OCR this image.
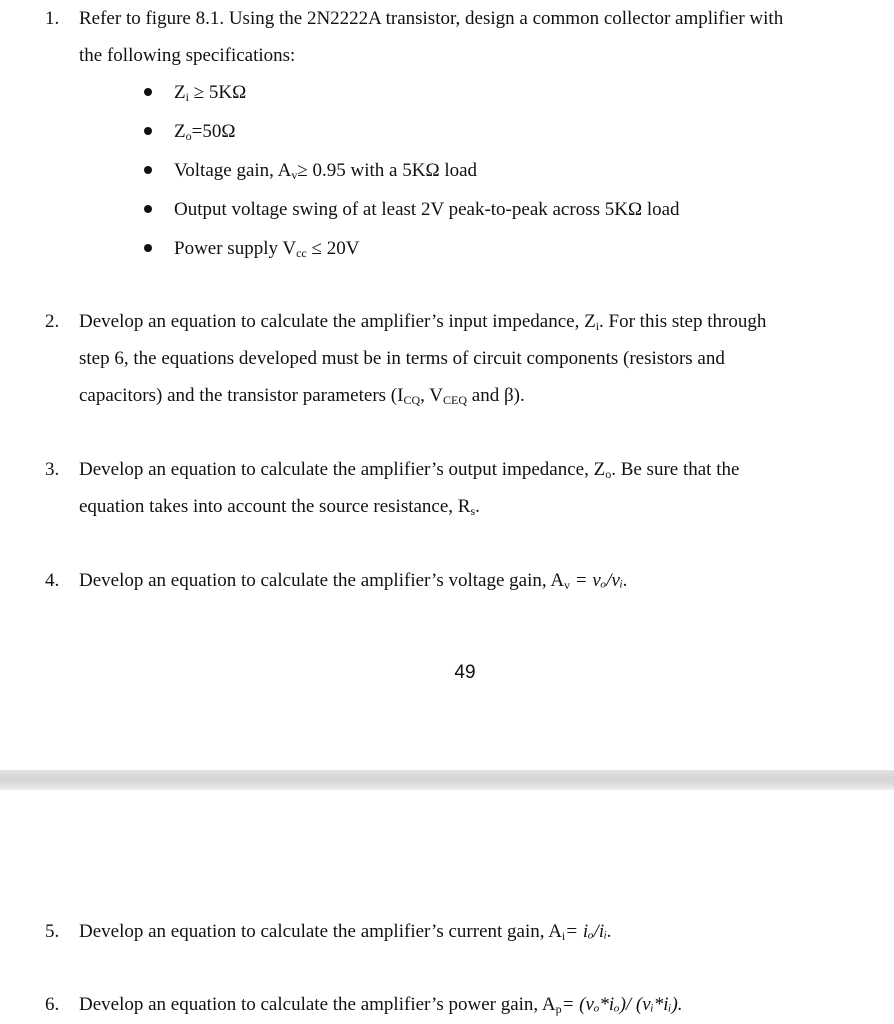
1. Refer to figure 8.1. Using the 2N2222A transistor, design a common collector amplifier with
the following specifications:
$Z_i \ge 5K\Omega$
$Z_o=50\Omega$
Voltage gain, $A_v\ge 0.95$ with a 5KΩ load
Output voltage swing of at least 2V peak-to-peak across 5KΩ load
Power supply $V_{cc} \le 20V$
2. Develop an equation to calculate the amplifier’s input impedance, $Z_i$. For this step through
step 6, the equations developed must be in terms of circuit components (resistors and
capacitors) and the transistor parameters ($I_{CQ}$, $V_{CEQ}$ and β).
3. Develop an equation to calculate the amplifier’s output impedance, $Z_o$. Be sure that the
equation takes into account the source resistance, $R_s$.
4. Develop an equation to calculate the amplifier’s voltage gain, $A_v$ = vₒ/vᵢ.
49
5. Develop an equation to calculate the amplifier’s current gain, $A_i=$ iₒ/iᵢ.
6. Develop an equation to calculate the amplifier’s power gain, $A_p= (v_o*i_o)/$ (vᵢ*iᵢ).
